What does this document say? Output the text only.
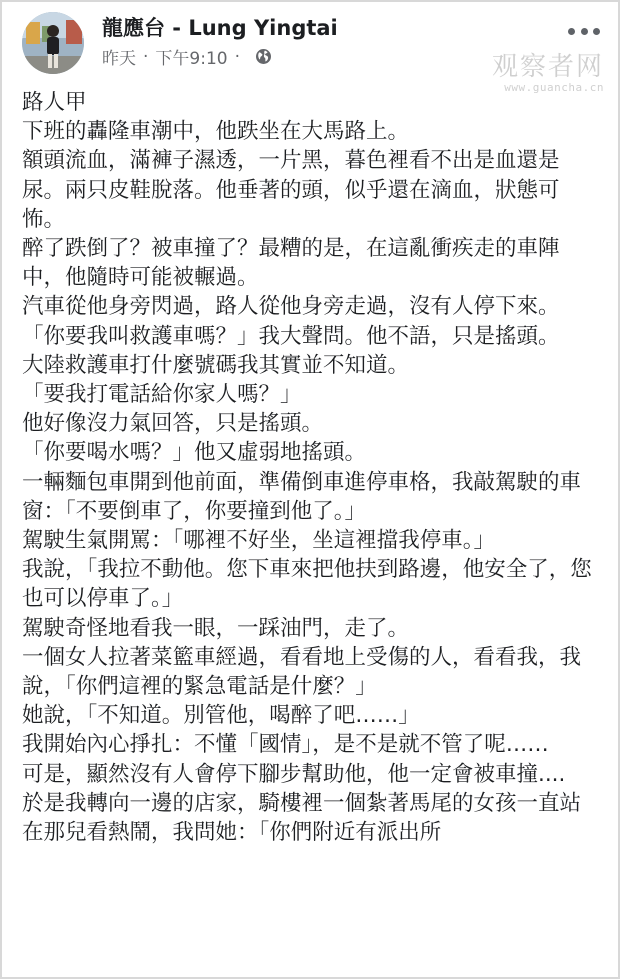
龍應台 - Lung Yingtai
昨天 · 下午9:10 ·	观察者网
www.guancha.cn

路人甲

下班的轟隆車潮中，他跌坐在大馬路上。

額頭流血，滿褲子濕透，一片黑，暮色裡看不出是血還是尿。兩只皮鞋脫落。他垂著的頭，似乎還在滴血，狀態可怖。

醉了跌倒了？被車撞了？最糟的是，在這亂衝疾走的車陣中，他隨時可能被輾過。

汽車從他身旁閃過，路人從他身旁走過，沒有人停下來。

「你要我叫救護車嗎？」我大聲問。他不語，只是搖頭。

大陸救護車打什麼號碼我其實並不知道。

「要我打電話給你家人嗎？」

他好像沒力氣回答，只是搖頭。

「你要喝水嗎？」他又虛弱地搖頭。

一輛麵包車開到他前面，準備倒車進停車格，我敲駕駛的車窗：「不要倒車了，你要撞到他了。」

駕駛生氣開罵：「哪裡不好坐，坐這裡擋我停車。」

我說，「我拉不動他。您下車來把他扶到路邊，他安全了，您也可以停車了。」

駕駛奇怪地看我一眼，一踩油門，走了。

一個女人拉著菜籃車經過，看看地上受傷的人，看看我，我說，「你們這裡的緊急電話是什麼？」

她說，「不知道。別管他，喝醉了吧……」

我開始內心掙扎：不懂「國情」，是不是就不管了呢……

可是，顯然沒有人會停下腳步幫助他，他一定會被車撞....

於是我轉向一邊的店家，騎樓裡一個紮著馬尾的女孩一直站在那兒看熱鬧，我問她：「你們附近有派出所
